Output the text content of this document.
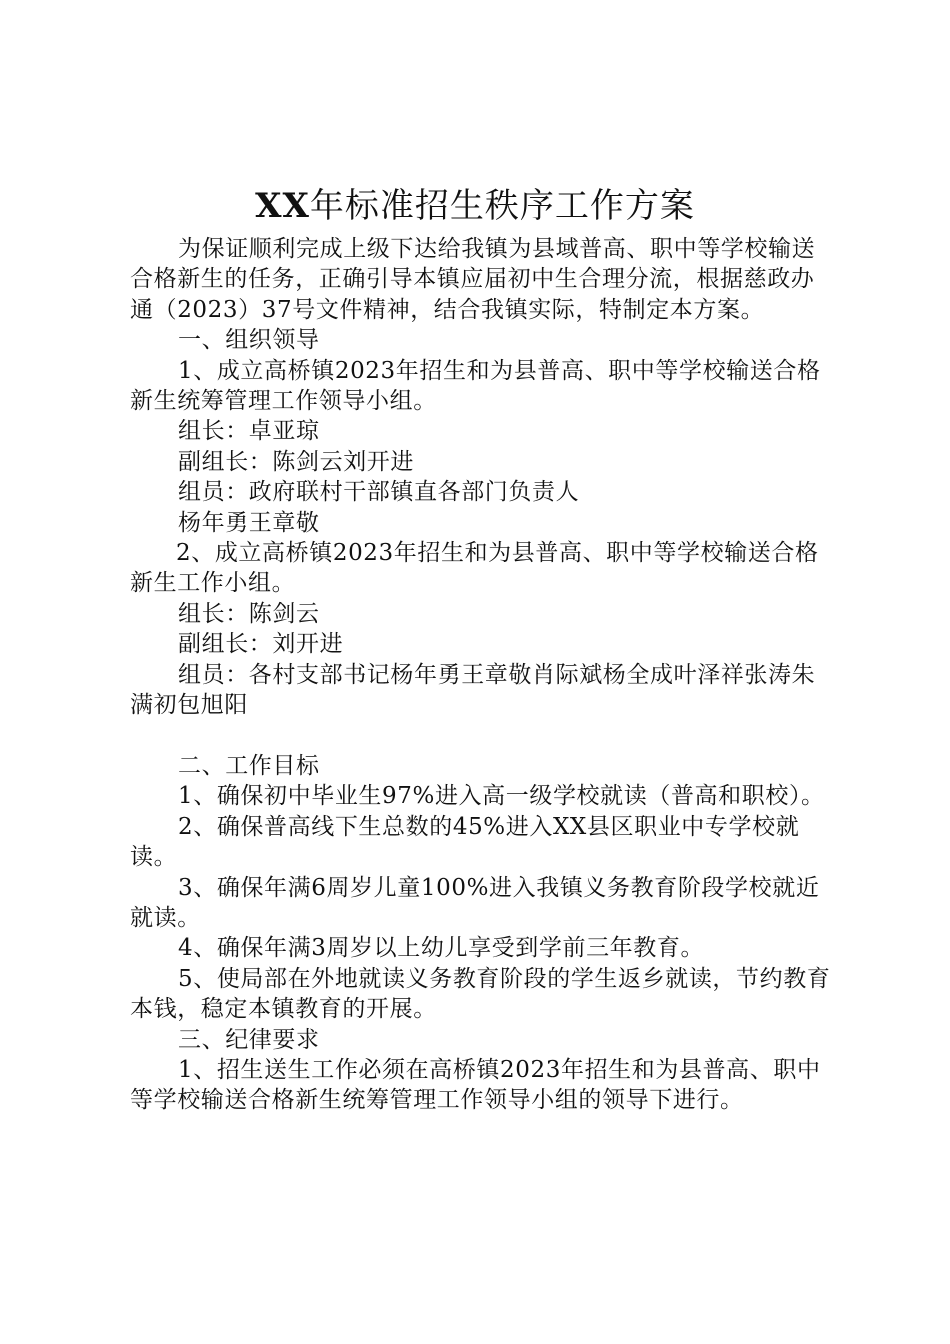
XX年标准招生秩序工作方案

为保证顺利完成上级下达给我镇为县域普高、职中等学校输送合格新生的任务，正确引导本镇应届初中生合理分流，根据慈政办通（2023）37号文件精神，结合我镇实际，特制定本方案。

一、组织领导

1、成立高桥镇2023年招生和为县普高、职中等学校输送合格新生统筹管理工作领导小组。

组长：卓亚琼

副组长：陈剑云刘开进

组员：政府联村干部镇直各部门负责人

杨年勇王章敬

2、成立高桥镇2023年招生和为县普高、职中等学校输送合格新生工作小组。

组长：陈剑云

副组长：刘开进

组员：各村支部书记杨年勇王章敬肖际斌杨全成叶泽祥张涛朱满初包旭阳

二、工作目标

1、确保初中毕业生97%进入高一级学校就读（普高和职校）。

2、确保普高线下生总数的45%进入XX县区职业中专学校就读。

3、确保年满6周岁儿童100%进入我镇义务教育阶段学校就近就读。

4、确保年满3周岁以上幼儿享受到学前三年教育。

5、使局部在外地就读义务教育阶段的学生返乡就读，节约教育本钱，稳定本镇教育的开展。

三、纪律要求

1、招生送生工作必须在高桥镇2023年招生和为县普高、职中等学校输送合格新生统筹管理工作领导小组的领导下进行。
